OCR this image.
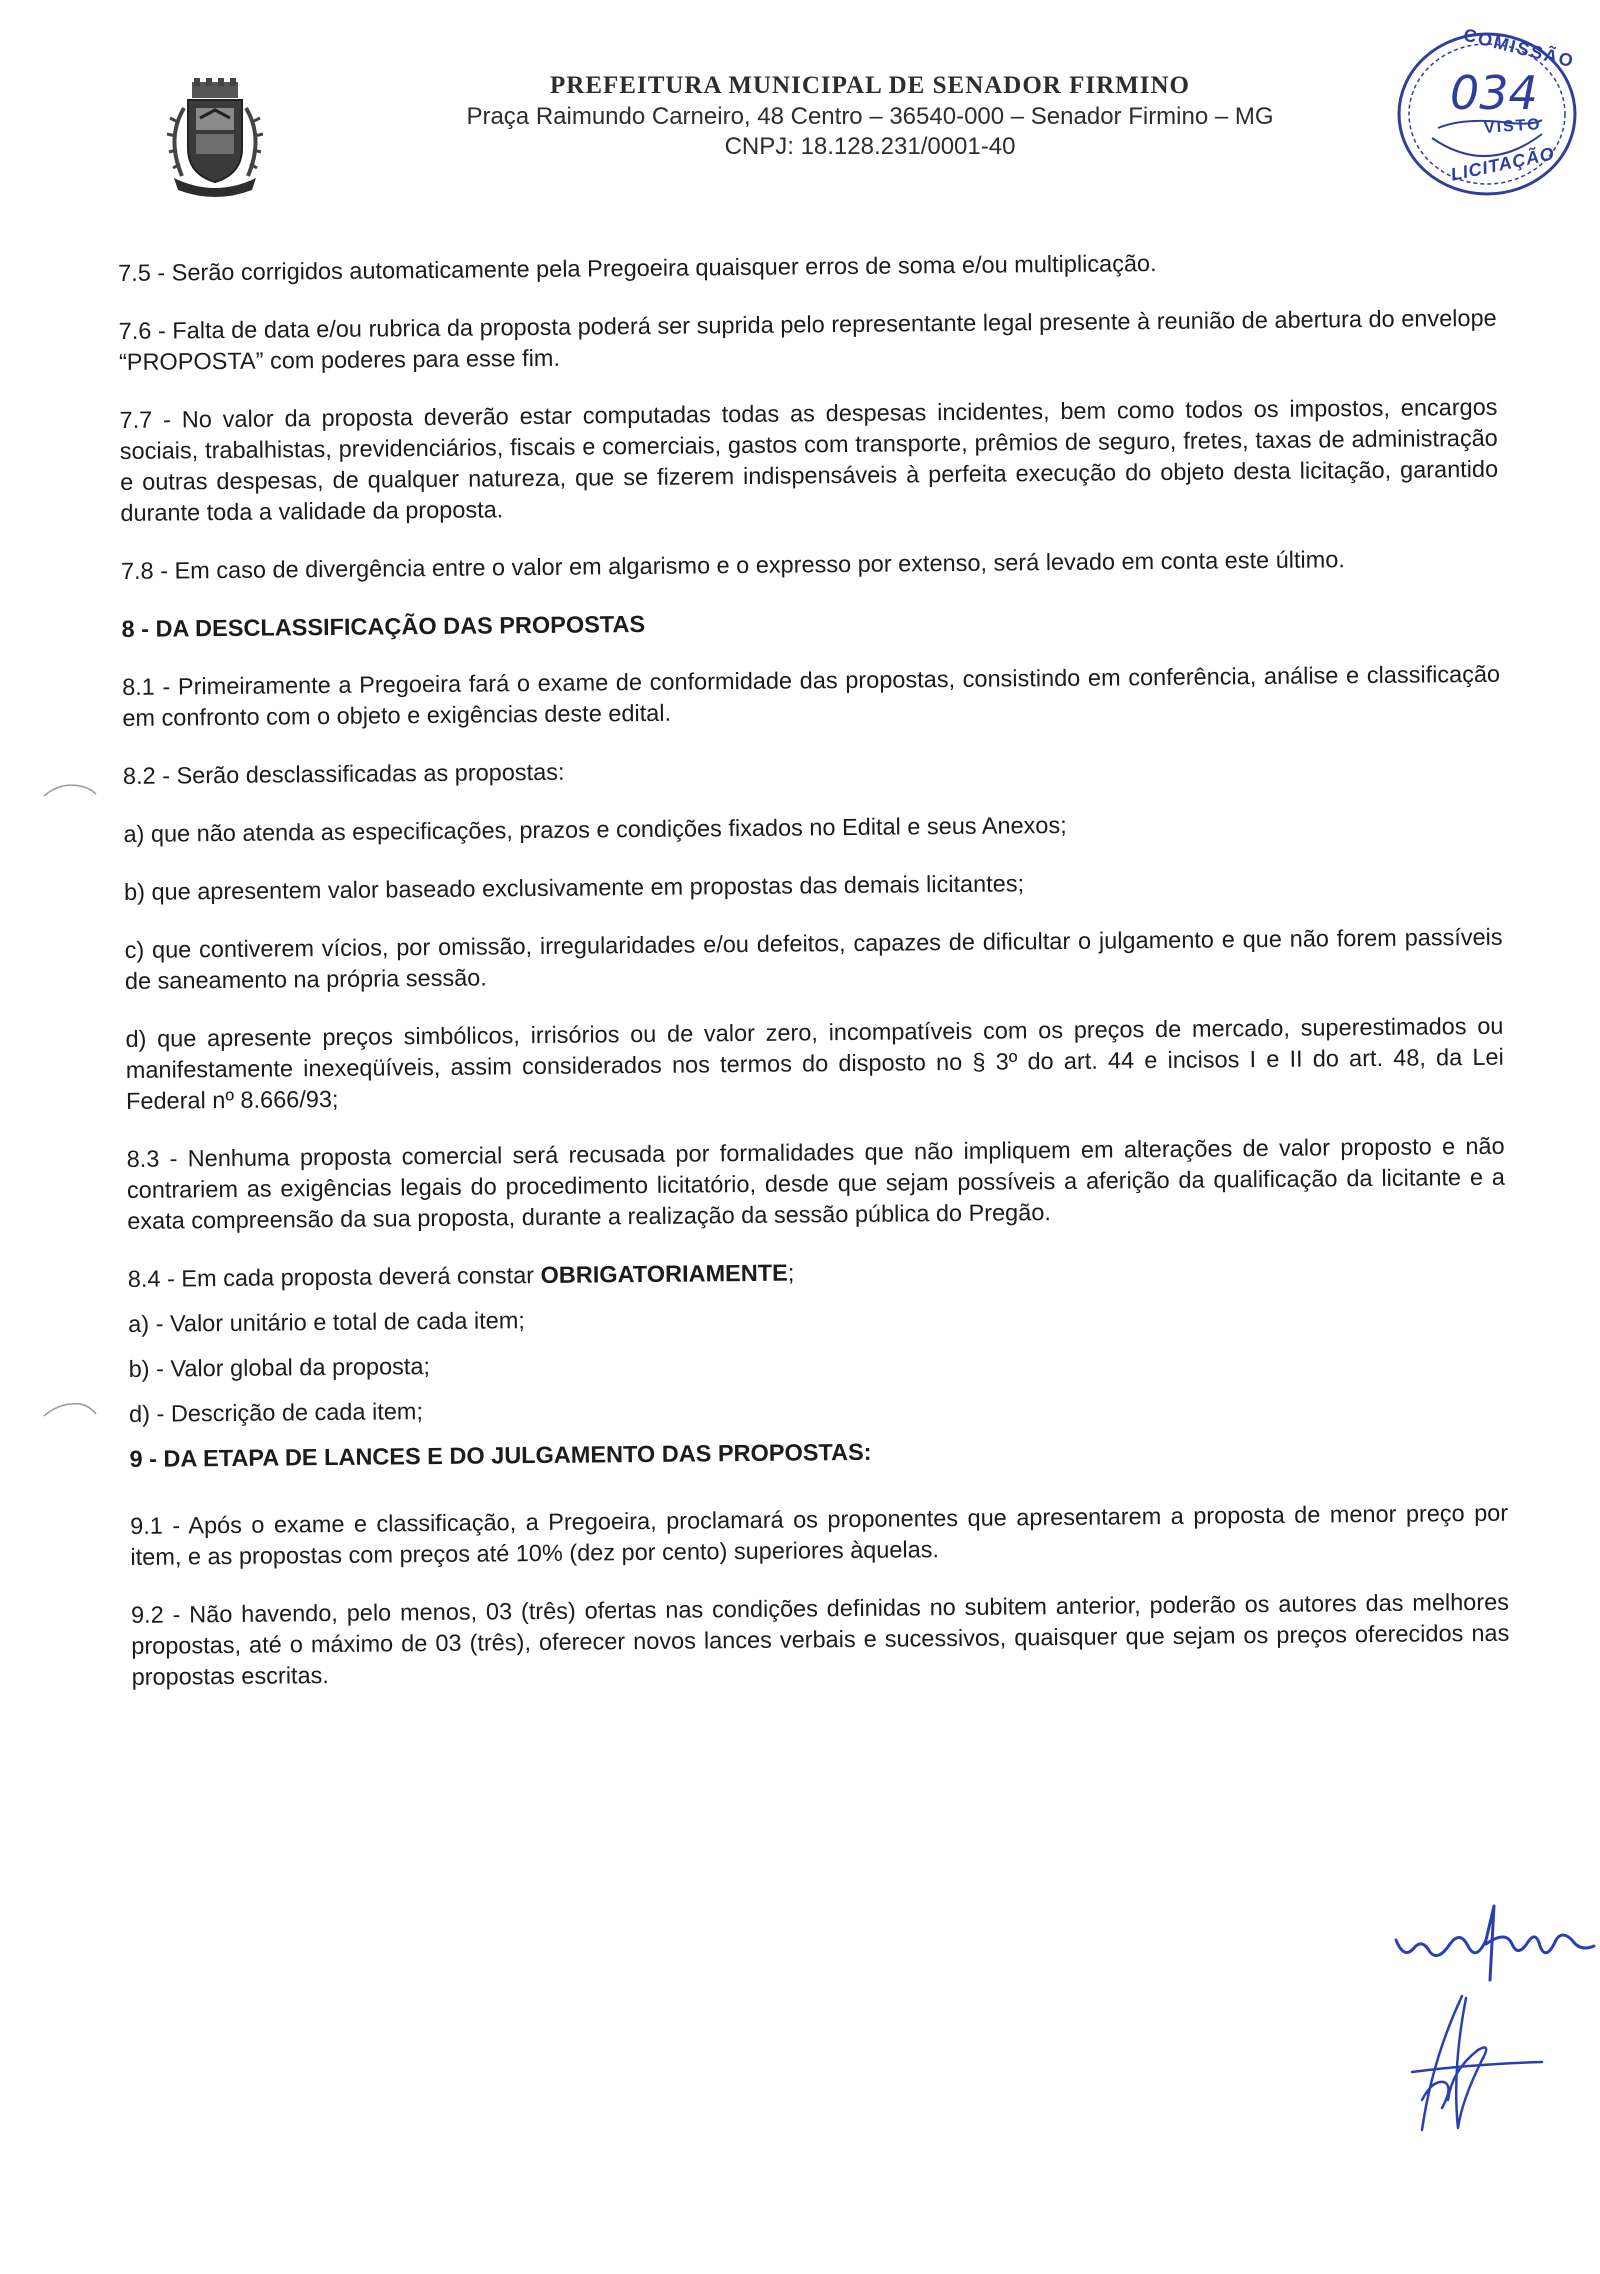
PREFEITURA MUNICIPAL DE SENADOR FIRMINO
Praça Raimundo Carneiro, 48 Centro – 36540-000 – Senador Firmino – MG
CNPJ: 18.128.231/0001-40
COMISSÃO
034
VISTO
LICITAÇÃO

7.5 - Serão corrigidos automaticamente pela Pregoeira quaisquer erros de soma e/ou multiplicação.

7.6 - Falta de data e/ou rubrica da proposta poderá ser suprida pelo representante legal presente à reunião de abertura do envelope “PROPOSTA” com poderes para esse fim.

7.7 - No valor da proposta deverão estar computadas todas as despesas incidentes, bem como todos os impostos, encargos sociais, trabalhistas, previdenciários, fiscais e comerciais, gastos com transporte, prêmios de seguro, fretes, taxas de administração e outras despesas, de qualquer natureza, que se fizerem indispensáveis à perfeita execução do objeto desta licitação, garantido durante toda a validade da proposta.

7.8 - Em caso de divergência entre o valor em algarismo e o expresso por extenso, será levado em conta este último.

8 - DA DESCLASSIFICAÇÃO DAS PROPOSTAS

8.1 - Primeiramente a Pregoeira fará o exame de conformidade das propostas, consistindo em conferência, análise e classificação em confronto com o objeto e exigências deste edital.

8.2 - Serão desclassificadas as propostas:

a) que não atenda as especificações, prazos e condições fixados no Edital e seus Anexos;

b) que apresentem valor baseado exclusivamente em propostas das demais licitantes;

c) que contiverem vícios, por omissão, irregularidades e/ou defeitos, capazes de dificultar o julgamento e que não forem passíveis de saneamento na própria sessão.

d) que apresente preços simbólicos, irrisórios ou de valor zero, incompatíveis com os preços de mercado, superestimados ou manifestamente inexeqüíveis, assim considerados nos termos do disposto no § 3º do art. 44 e incisos I e II do art. 48, da Lei Federal nº 8.666/93;

8.3 - Nenhuma proposta comercial será recusada por formalidades que não impliquem em alterações de valor proposto e não contrariem as exigências legais do procedimento licitatório, desde que sejam possíveis a aferição da qualificação da licitante e a exata compreensão da sua proposta, durante a realização da sessão pública do Pregão.

8.4 - Em cada proposta deverá constar OBRIGATORIAMENTE;

a) - Valor unitário e total de cada item;

b) - Valor global da proposta;

d) - Descrição de cada item;

9 - DA ETAPA DE LANCES E DO JULGAMENTO DAS PROPOSTAS:

9.1 - Após o exame e classificação, a Pregoeira, proclamará os proponentes que apresentarem a proposta de menor preço por item, e as propostas com preços até 10% (dez por cento) superiores àquelas.

9.2 - Não havendo, pelo menos, 03 (três) ofertas nas condições definidas no subitem anterior, poderão os autores das melhores propostas, até o máximo de 03 (três), oferecer novos lances verbais e sucessivos, quaisquer que sejam os preços oferecidos nas propostas escritas.
